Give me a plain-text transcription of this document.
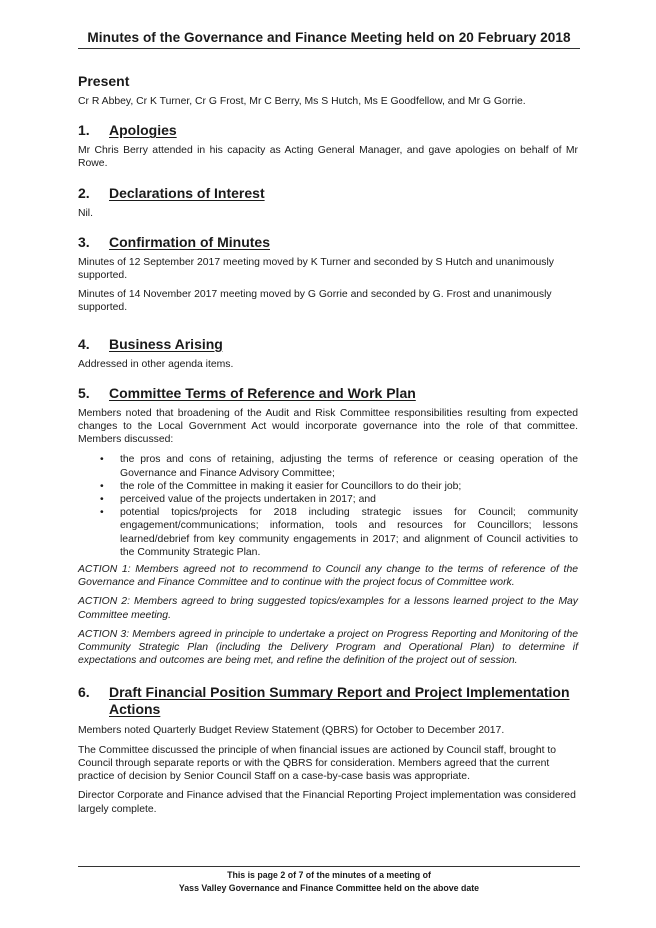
Minutes of the Governance and Finance Meeting held on 20 February 2018
Present

Cr R Abbey, Cr K Turner, Cr G Frost, Mr C Berry, Ms S Hutch, Ms E Goodfellow, and Mr G Gorrie.

1. Apologies

Mr Chris Berry attended in his capacity as Acting General Manager, and gave apologies on behalf of Mr Rowe.

2. Declarations of Interest

Nil.

3. Confirmation of Minutes

Minutes of 12 September 2017 meeting moved by K Turner and seconded by S Hutch and unanimously supported.

Minutes of 14 November 2017 meeting moved by G Gorrie and seconded by G. Frost and unanimously supported.

4. Business Arising

Addressed in other agenda items.

5. Committee Terms of Reference and Work Plan

Members noted that broadening of the Audit and Risk Committee responsibilities resulting from expected changes to the Local Government Act would incorporate governance into the role of that committee. Members discussed:

• the pros and cons of retaining, adjusting the terms of reference or ceasing operation of the Governance and Finance Advisory Committee;
• the role of the Committee in making it easier for Councillors to do their job;
• perceived value of the projects undertaken in 2017; and
• potential topics/projects for 2018 including strategic issues for Council; community engagement/communications; information, tools and resources for Councillors; lessons learned/debrief from key community engagements in 2017; and alignment of Council activities to the Community Strategic Plan.

ACTION 1: Members agreed not to recommend to Council any change to the terms of reference of the Governance and Finance Committee and to continue with the project focus of Committee work.

ACTION 2: Members agreed to bring suggested topics/examples for a lessons learned project to the May Committee meeting.

ACTION 3: Members agreed in principle to undertake a project on Progress Reporting and Monitoring of the Community Strategic Plan (including the Delivery Program and Operational Plan) to determine if expectations and outcomes are being met, and refine the definition of the project out of session.

6. Draft Financial Position Summary Report and Project Implementation
Actions

Members noted Quarterly Budget Review Statement (QBRS) for October to December 2017.

The Committee discussed the principle of when financial issues are actioned by Council staff, brought to Council through separate reports or with the QBRS for consideration. Members agreed that the current practice of decision by Senior Council Staff on a case-by-case basis was appropriate.

Director Corporate and Finance advised that the Financial Reporting Project implementation was considered largely complete.

This is page 2 of 7 of the minutes of a meeting of
Yass Valley Governance and Finance Committee held on the above date
